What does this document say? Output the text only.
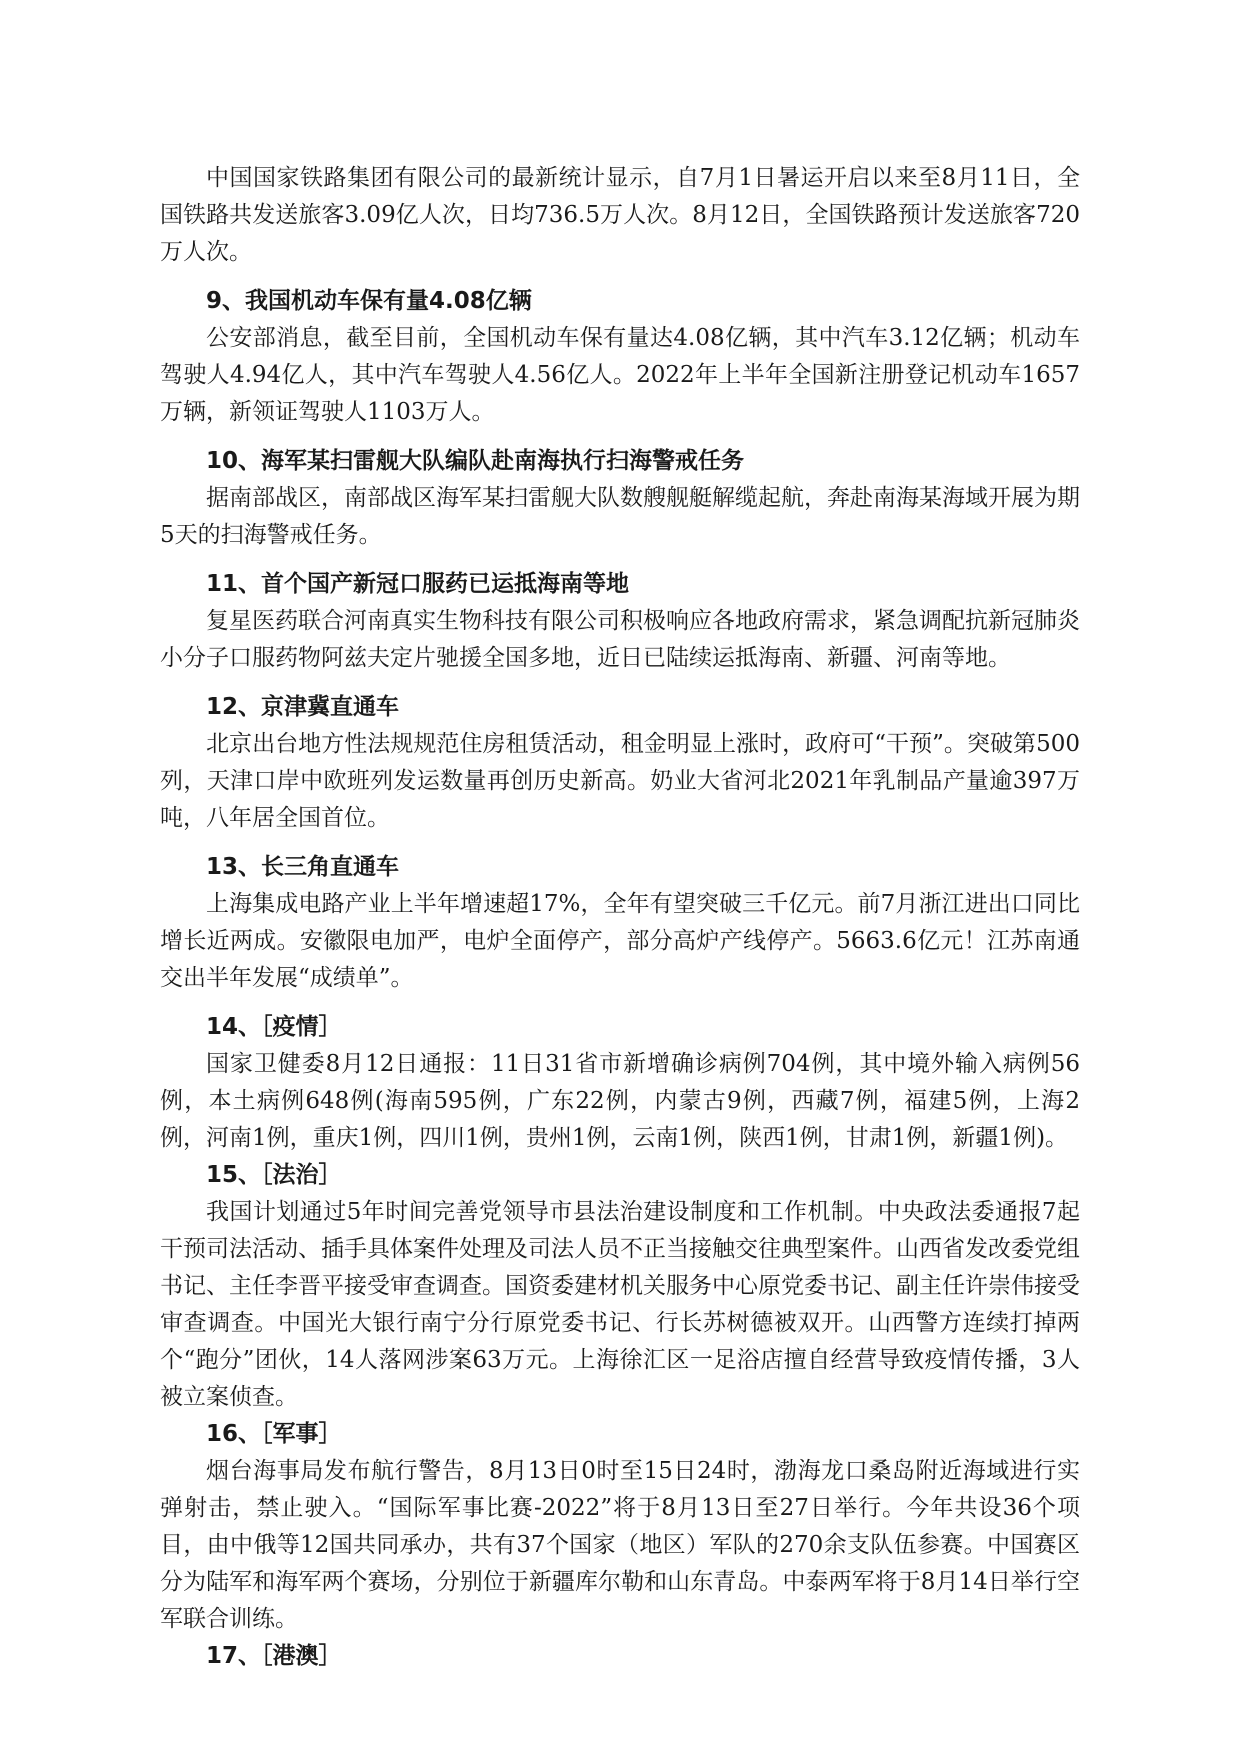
中国国家铁路集团有限公司的最新统计显示，自7月1日暑运开启以来至8月11日，全国铁路共发送旅客3.09亿人次，日均736.5万人次。8月12日，全国铁路预计发送旅客720万人次。

9、我国机动车保有量4.08亿辆

公安部消息，截至目前，全国机动车保有量达4.08亿辆，其中汽车3.12亿辆；机动车驾驶人4.94亿人，其中汽车驾驶人4.56亿人。2022年上半年全国新注册登记机动车1657万辆，新领证驾驶人1103万人。

10、海军某扫雷舰大队编队赴南海执行扫海警戒任务

据南部战区，南部战区海军某扫雷舰大队数艘舰艇解缆起航，奔赴南海某海域开展为期5天的扫海警戒任务。

11、首个国产新冠口服药已运抵海南等地

复星医药联合河南真实生物科技有限公司积极响应各地政府需求，紧急调配抗新冠肺炎小分子口服药物阿兹夫定片驰援全国多地，近日已陆续运抵海南、新疆、河南等地。

12、京津冀直通车

北京出台地方性法规规范住房租赁活动，租金明显上涨时，政府可“干预”。突破第500列，天津口岸中欧班列发运数量再创历史新高。奶业大省河北2021年乳制品产量逾397万吨，八年居全国首位。

13、长三角直通车

上海集成电路产业上半年增速超17%，全年有望突破三千亿元。前7月浙江进出口同比增长近两成。安徽限电加严，电炉全面停产，部分高炉产线停产。5663.6亿元！江苏南通交出半年发展“成绩单”。

14、［疫情］

国家卫健委8月12日通报：11日31省市新增确诊病例704例，其中境外输入病例56例，本土病例648例(海南595例，广东22例，内蒙古9例，西藏7例，福建5例，上海2例，河南1例，重庆1例，四川1例，贵州1例，云南1例，陕西1例，甘肃1例，新疆1例)。

15、［法治］

我国计划通过5年时间完善党领导市县法治建设制度和工作机制。中央政法委通报7起干预司法活动、插手具体案件处理及司法人员不正当接触交往典型案件。山西省发改委党组书记、主任李晋平接受审查调查。国资委建材机关服务中心原党委书记、副主任许崇伟接受审查调查。中国光大银行南宁分行原党委书记、行长苏树德被双开。山西警方连续打掉两个“跑分”团伙，14人落网涉案63万元。上海徐汇区一足浴店擅自经营导致疫情传播，3人被立案侦查。

16、［军事］

烟台海事局发布航行警告，8月13日0时至15日24时，渤海龙口桑岛附近海域进行实弹射击，禁止驶入。“国际军事比赛-2022”将于8月13日至27日举行。今年共设36个项目，由中俄等12国共同承办，共有37个国家（地区）军队的270余支队伍参赛。中国赛区分为陆军和海军两个赛场，分别位于新疆库尔勒和山东青岛。中泰两军将于8月14日举行空军联合训练。

17、［港澳］
